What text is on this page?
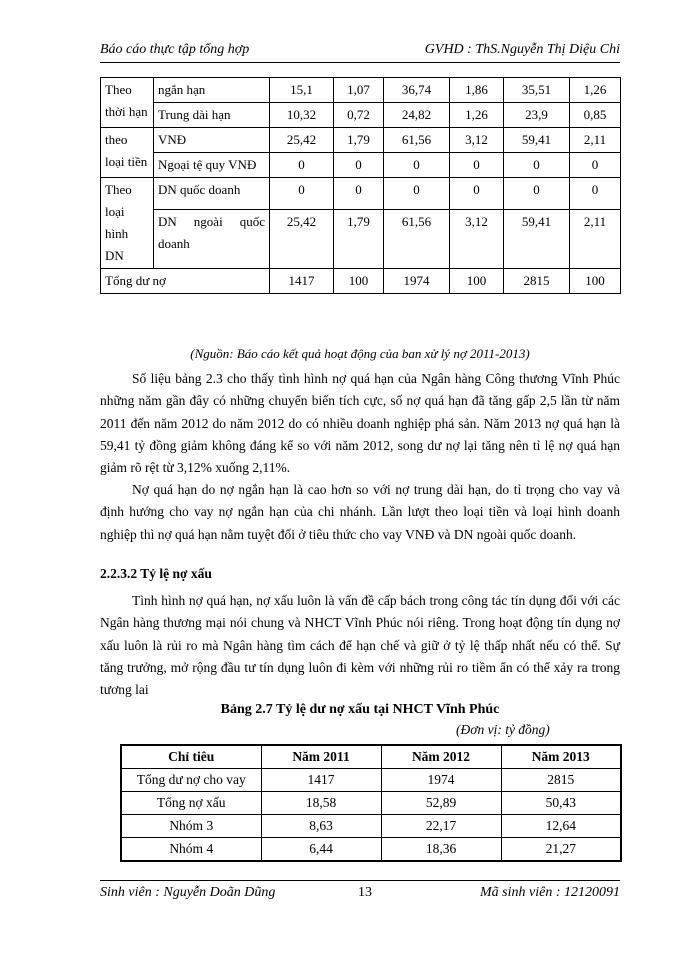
Báo cáo thực tập tổng hợp	GVHD : ThS.Nguyễn Thị Diệu Chi
Theo thời hạn	ngắn hạn	15,1	1,07	36,74	1,86	35,51	1,26
	Trung dài hạn	10,32	0,72	24,82	1,26	23,9	0,85
theo loại tiền	VNĐ	25,42	1,79	61,56	3,12	59,41	2,11
	Ngoại tệ quy VNĐ	0	0	0	0	0	0
Theo loại hình DN	DN quốc doanh	0	0	0	0	0	0
	DN ngoài quốc doanh	25,42	1,79	61,56	3,12	59,41	2,11
Tổng dư nợ		1417	100	1974	100	2815	100
(Nguồn: Báo cáo kết quả hoạt động của ban xử lý nợ 2011-2013)
Số liệu bảng 2.3 cho thấy tình hình nợ quá hạn của Ngân hàng Công thương Vĩnh Phúc những năm gần đây có những chuyển biến tích cực, số nợ quá hạn đã tăng gấp 2,5 lần từ năm 2011 đến năm 2012 do năm 2012 do có nhiều doanh nghiệp phá sản. Năm 2013 nợ quá hạn là 59,41 tỷ đồng giảm không đáng kể so với năm 2012, song dư nợ lại tăng nên tỉ lệ nợ quá hạn giảm rõ rệt từ 3,12% xuống 2,11%.
Nợ quá hạn do nợ ngắn hạn là cao hơn so với nợ trung dài hạn, do tỉ trọng cho vay và định hướng cho vay nợ ngắn hạn của chi nhánh. Lần lượt theo loại tiền và loại hình doanh nghiệp thì nợ quá hạn nằm tuyệt đối ở tiêu thức cho vay VNĐ và DN ngoài quốc doanh.
2.2.3.2 Tỷ lệ nợ xấu
Tình hình nợ quá hạn, nợ xấu luôn là vấn đề cấp bách trong công tác tín dụng đối với các Ngân hàng thương mại nói chung và NHCT Vĩnh Phúc nói riêng. Trong hoạt động tín dụng nợ xấu luôn là rủi ro mà Ngân hàng tìm cách để hạn chế và giữ ở tỷ lệ thấp nhất nếu có thể. Sự tăng trưởng, mở rộng đầu tư tín dụng luôn đi kèm với những rủi ro tiềm ẩn có thể xảy ra trong tương lai
Bảng 2.7 Tỷ lệ dư nợ xấu tại NHCT Vĩnh Phúc
(Đơn vị: tỷ đồng)
Chỉ tiêu	Năm 2011	Năm 2012	Năm 2013
Tổng dư nợ cho vay	1417	1974	2815
Tổng nợ xấu	18,58	52,89	50,43
Nhóm 3	8,63	22,17	12,64
Nhóm 4	6,44	18,36	21,27
Sinh viên : Nguyễn Doãn Dũng	13	Mã sinh viên : 12120091
